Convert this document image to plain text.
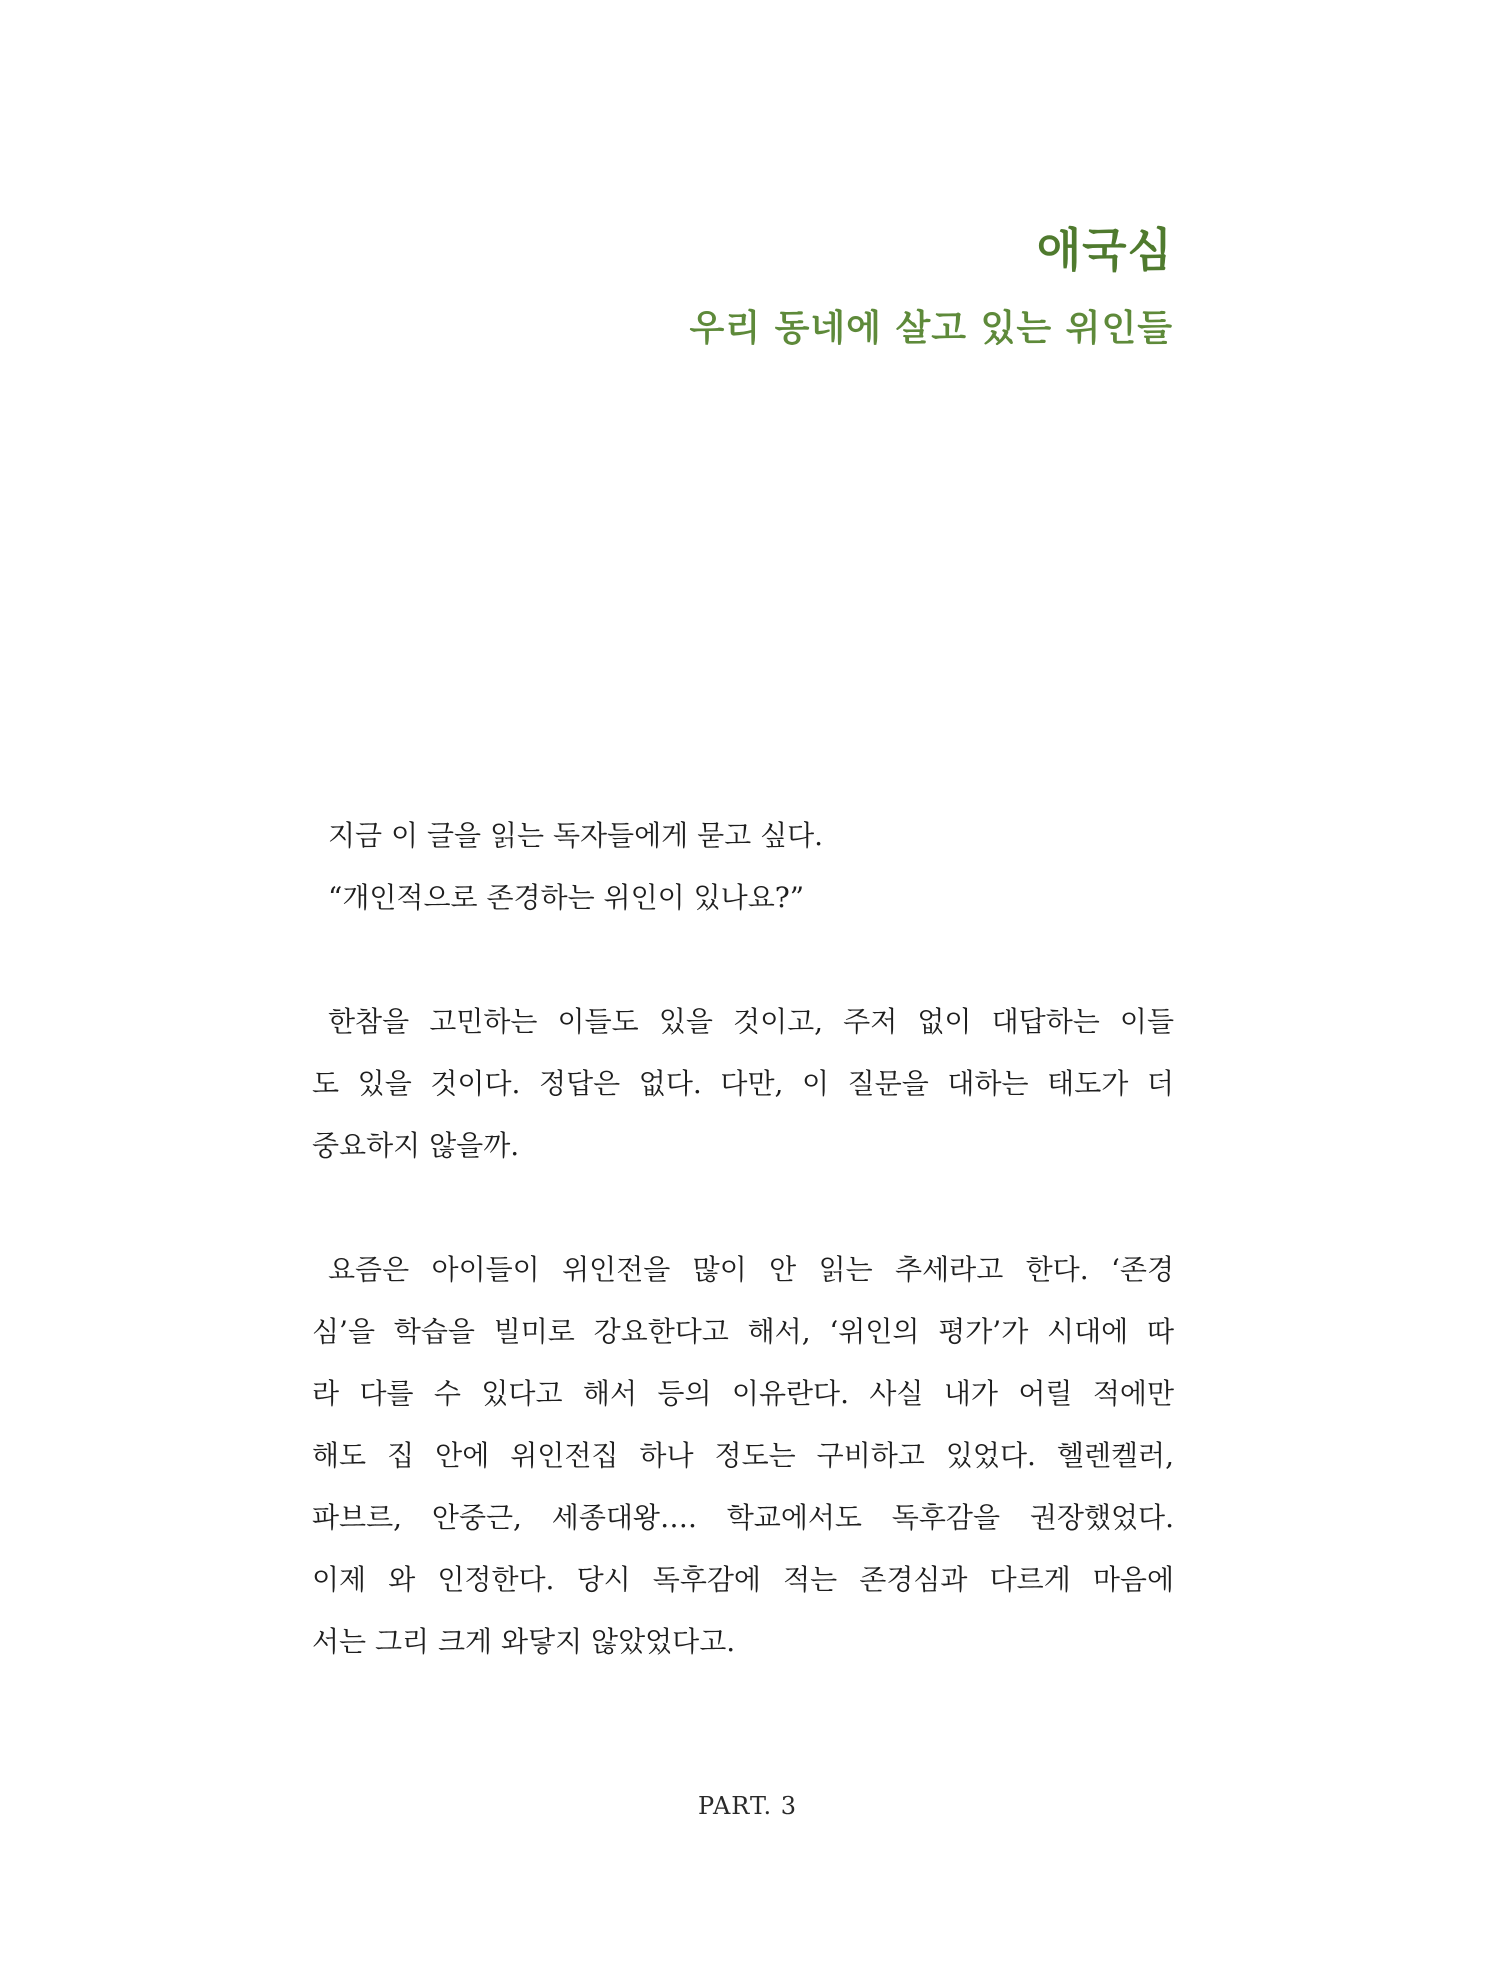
애국심
우리 동네에 살고 있는 위인들

지금 이 글을 읽는 독자들에게 묻고 싶다.
“개인적으로 존경하는 위인이 있나요?”

한참을 고민하는 이들도 있을 것이고, 주저 없이 대답하는 이들
도 있을 것이다. 정답은 없다. 다만, 이 질문을 대하는 태도가 더
중요하지 않을까.

요즘은 아이들이 위인전을 많이 안 읽는 추세라고 한다. ‘존경
심’을 학습을 빌미로 강요한다고 해서, ‘위인의 평가’가 시대에 따
라 다를 수 있다고 해서 등의 이유란다. 사실 내가 어릴 적에만
해도 집 안에 위인전집 하나 정도는 구비하고 있었다. 헬렌켈러,
파브르, 안중근, 세종대왕…. 학교에서도 독후감을 권장했었다.
이제 와 인정한다. 당시 독후감에 적는 존경심과 다르게 마음에
서는 그리 크게 와닿지 않았었다고.

PART. 3
